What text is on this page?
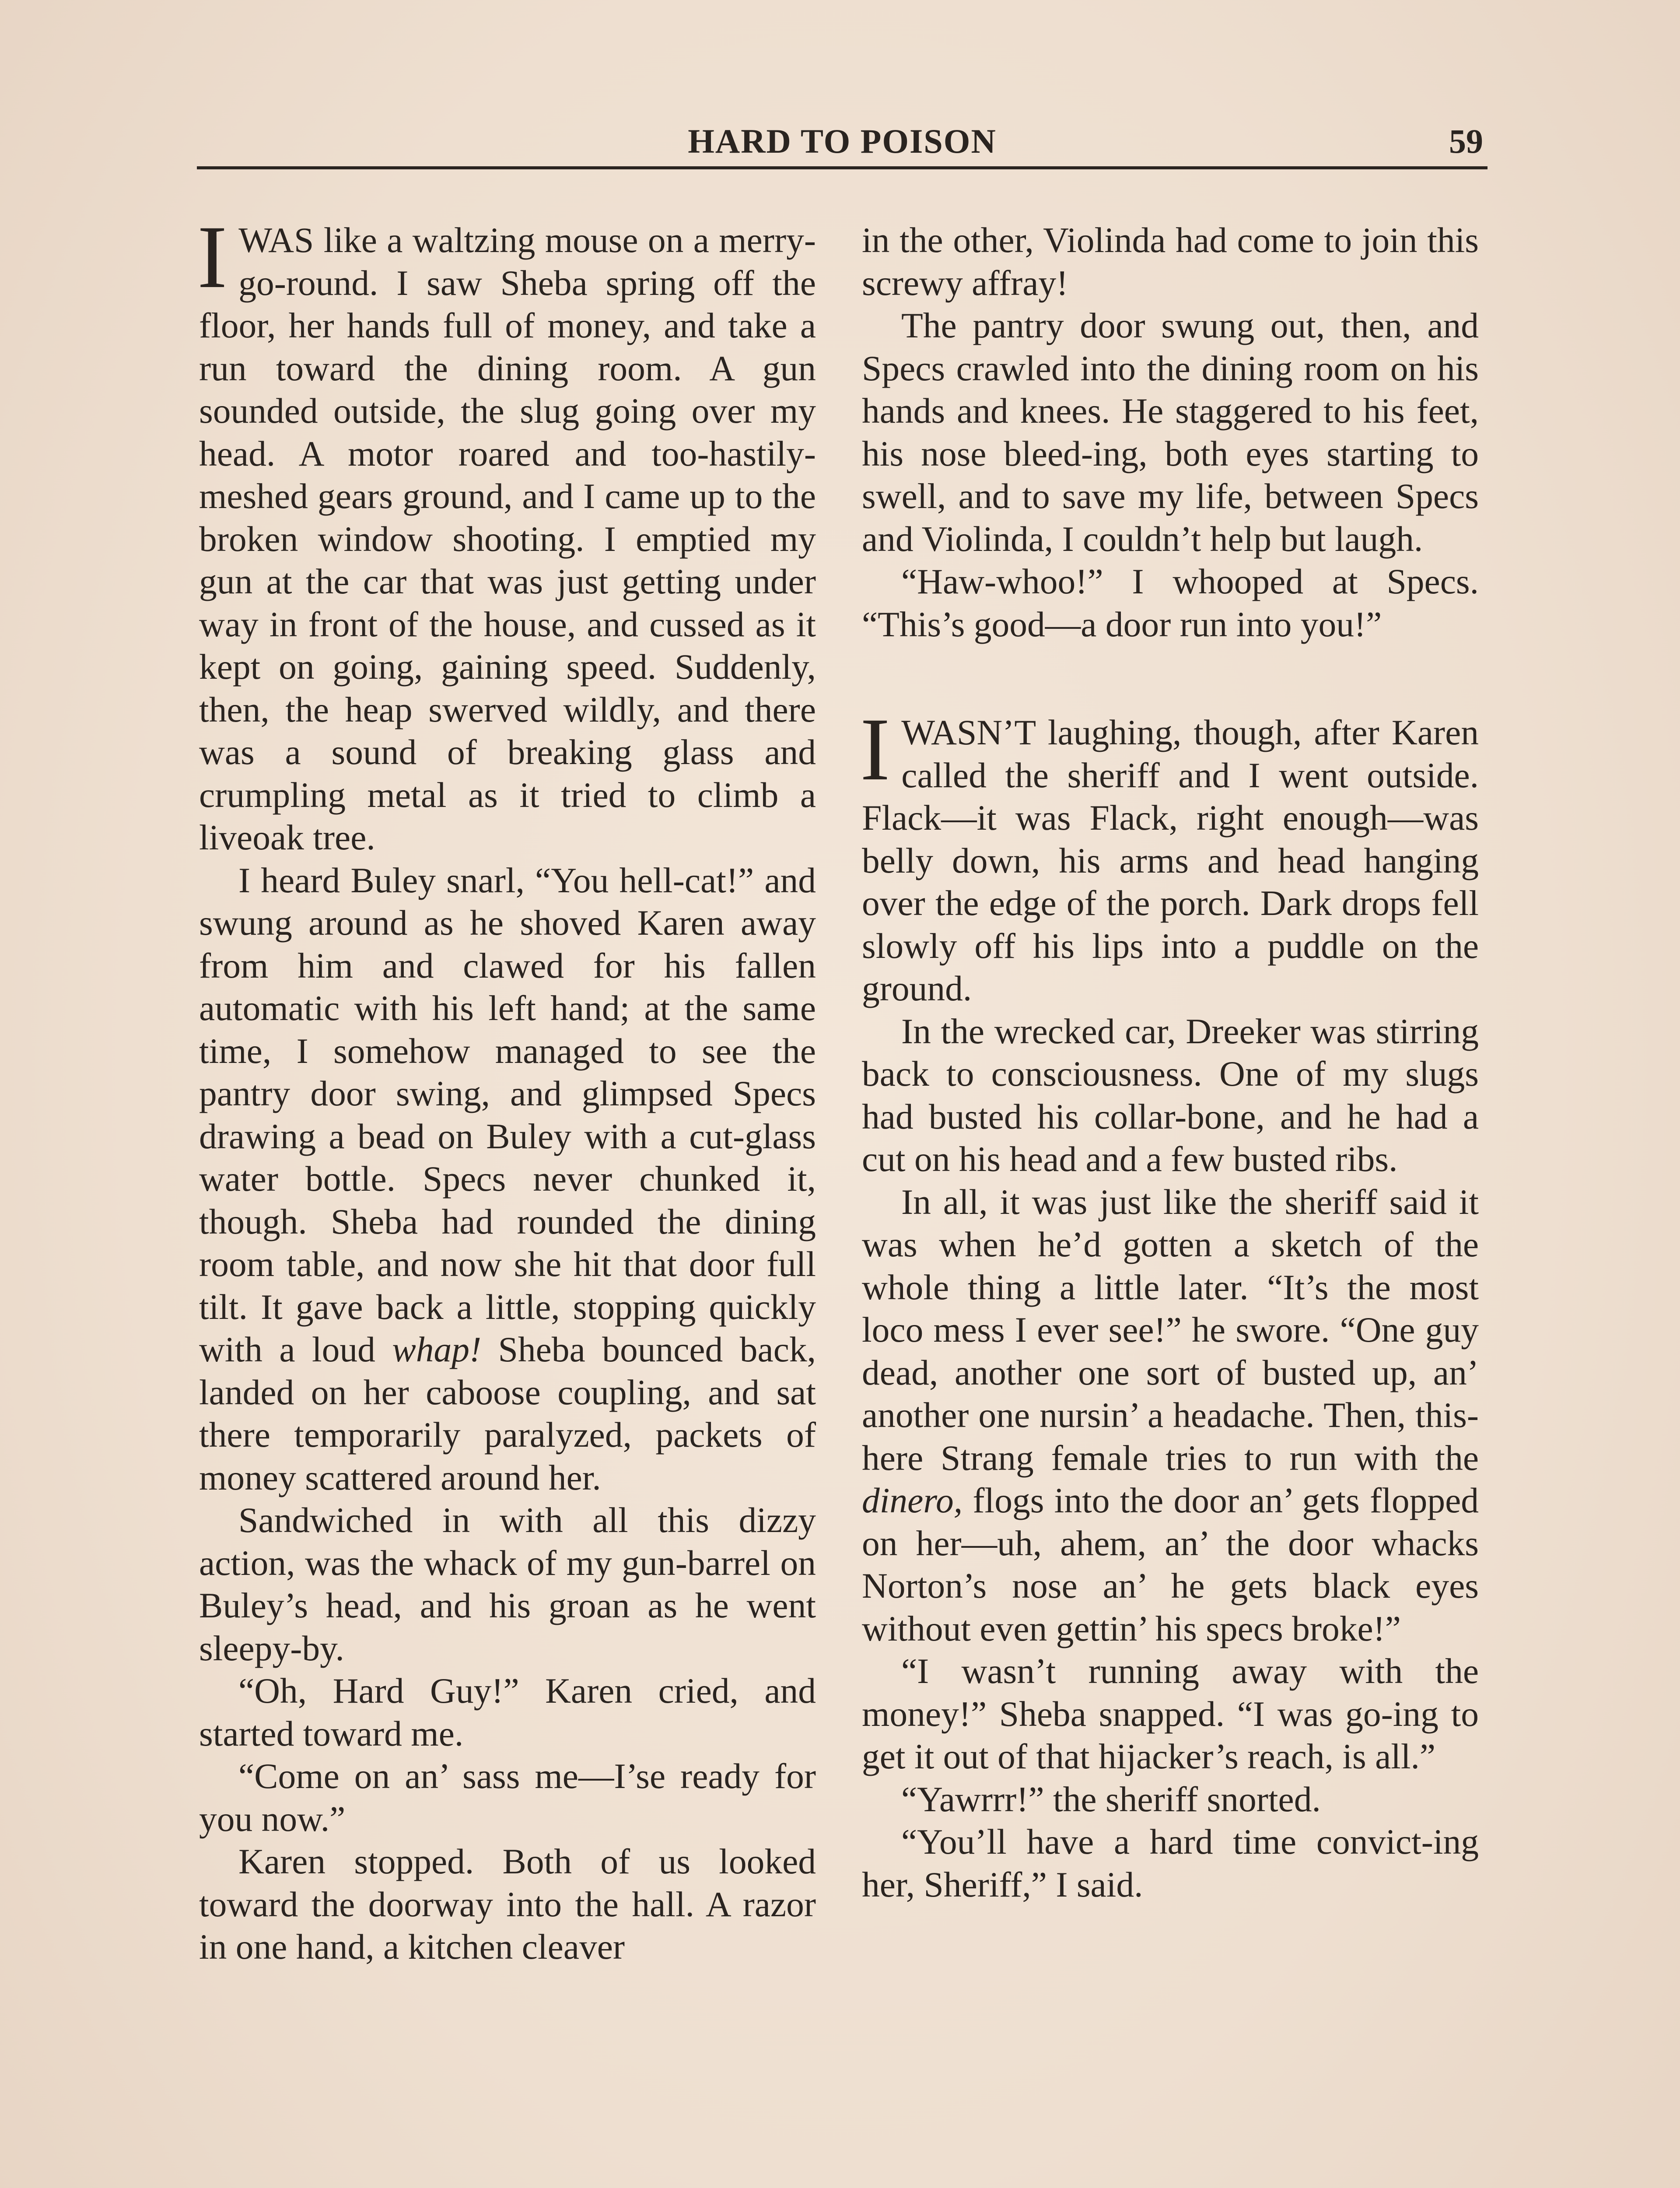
HARD TO POISON	59

IWAS like a waltzing mouse on a merry-go-round. I saw Sheba spring off the floor, her hands full of money, and take a run toward the dining room. A gun sounded outside, the slug going over my head. A motor roared and too-hastily-meshed gears ground, and I came up to the broken window shooting. I emptied my gun at the car that was just getting under way in front of the house, and cussed as it kept on going, gaining speed. Suddenly, then, the heap swerved wildly, and there was a sound of breaking glass and crumpling metal as it tried to climb a liveoak tree.

I heard Buley snarl, “You hell-cat!” and swung around as he shoved Karen away from him and clawed for his fallen automatic with his left hand; at the same time, I somehow managed to see the pantry door swing, and glimpsed Specs drawing a bead on Buley with a cut-glass water bottle. Specs never chunked it, though. Sheba had rounded the dining room table, and now she hit that door full tilt. It gave back a little, stopping quickly with a loud whap! Sheba bounced back, landed on her caboose coupling, and sat there temporarily paralyzed, packets of money scattered around her.

Sandwiched in with all this dizzy action, was the whack of my gun-barrel on Buley’s head, and his groan as he went sleepy-by.

“Oh, Hard Guy!” Karen cried, and started toward me.

“Come on an’ sass me—I’se ready for you now.”

Karen stopped. Both of us looked toward the doorway into the hall. A razor in one hand, a kitchen cleaver

in the other, Violinda had come to join this screwy affray!

The pantry door swung out, then, and Specs crawled into the dining room on his hands and knees. He staggered to his feet, his nose bleed-ing, both eyes starting to swell, and to save my life, between Specs and Violinda, I couldn’t help but laugh.

“Haw-whoo!” I whooped at Specs. “This’s good—a door run into you!”

IWASN’T laughing, though, after Karen called the sheriff and I went outside. Flack—it was Flack, right enough—was belly down, his arms and head hanging over the edge of the porch. Dark drops fell slowly off his lips into a puddle on the ground.

In the wrecked car, Dreeker was stirring back to consciousness. One of my slugs had busted his collar-bone, and he had a cut on his head and a few busted ribs.

In all, it was just like the sheriff said it was when he’d gotten a sketch of the whole thing a little later. “It’s the most loco mess I ever see!” he swore. “One guy dead, another one sort of busted up, an’ another one nursin’ a headache. Then, this-here Strang female tries to run with the dinero, flogs into the door an’ gets flopped on her—uh, ahem, an’ the door whacks Norton’s nose an’ he gets black eyes without even gettin’ his specs broke!”

“I wasn’t running away with the money!” Sheba snapped. “I was go-ing to get it out of that hijacker’s reach, is all.”

“Yawrrr!” the sheriff snorted.

“You’ll have a hard time convict-ing her, Sheriff,” I said.
